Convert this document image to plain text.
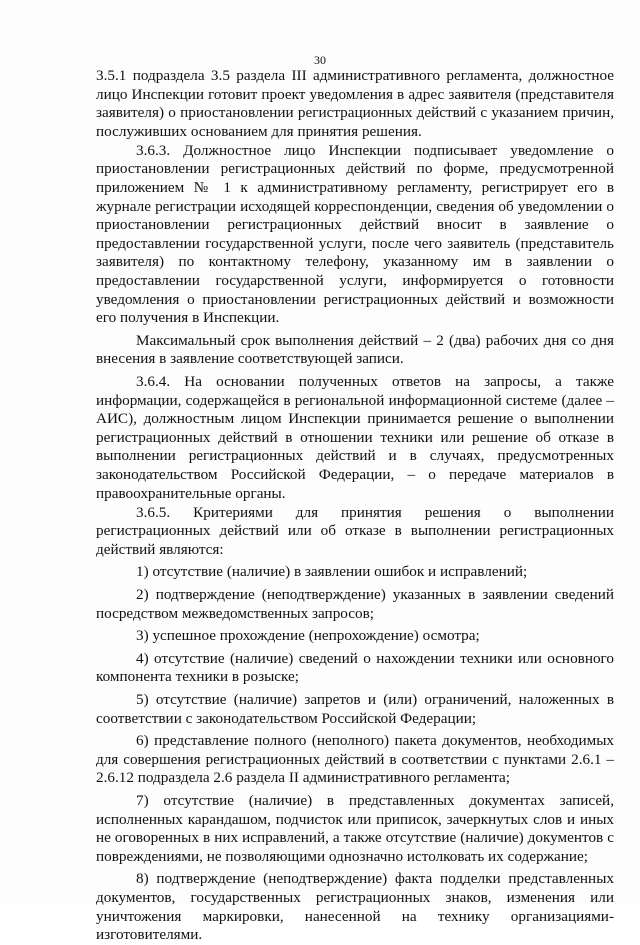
30

3.5.1 подраздела 3.5 раздела III административного регламента, должностное лицо Инспекции готовит проект уведомления в адрес заявителя (представителя заявителя) о приостановлении регистрационных действий с указанием причин, послуживших основанием для принятия решения.

3.6.3. Должностное лицо Инспекции подписывает уведомление о приостановлении регистрационных действий по форме, предусмотренной приложением № 1 к административному регламенту, регистрирует его в журнале регистрации исходящей корреспонденции, сведения об уведомлении о приостановлении регистрационных действий вносит в заявление о предоставлении государственной услуги, после чего заявитель (представитель заявителя) по контактному телефону, указанному им в заявлении о предоставлении государственной услуги, информируется о готовности уведомления о приостановлении регистрационных действий и возможности его получения в Инспекции.

Максимальный срок выполнения действий – 2 (два) рабочих дня со дня внесения в заявление соответствующей записи.

3.6.4. На основании полученных ответов на запросы, а также информации, содержащейся в региональной информационной системе (далее – АИС), должностным лицом Инспекции принимается решение о выполнении регистрационных действий в отношении техники или решение об отказе в выполнении регистрационных действий и в случаях, предусмотренных законодательством Российской Федерации, – о передаче материалов в правоохранительные органы.

3.6.5. Критериями для принятия решения о выполнении регистрационных действий или об отказе в выполнении регистрационных действий являются:

1) отсутствие (наличие) в заявлении ошибок и исправлений;

2) подтверждение (неподтверждение) указанных в заявлении сведений посредством межведомственных запросов;

3) успешное прохождение (непрохождение) осмотра;

4) отсутствие (наличие) сведений о нахождении техники или основного компонента техники в розыске;

5) отсутствие (наличие) запретов и (или) ограничений, наложенных в соответствии с законодательством Российской Федерации;

6) представление полного (неполного) пакета документов, необходимых для совершения регистрационных действий в соответствии с пунктами 2.6.1 – 2.6.12 подраздела 2.6 раздела II административного регламента;

7) отсутствие (наличие) в представленных документах записей, исполненных карандашом, подчисток или приписок, зачеркнутых слов и иных не оговоренных в них исправлений, а также отсутствие (наличие) документов с повреждениями, не позволяющими однозначно истолковать их содержание;

8) подтверждение (неподтверждение) факта подделки представленных документов, государственных регистрационных знаков, изменения или уничтожения маркировки, нанесенной на технику организациями-изготовителями.
